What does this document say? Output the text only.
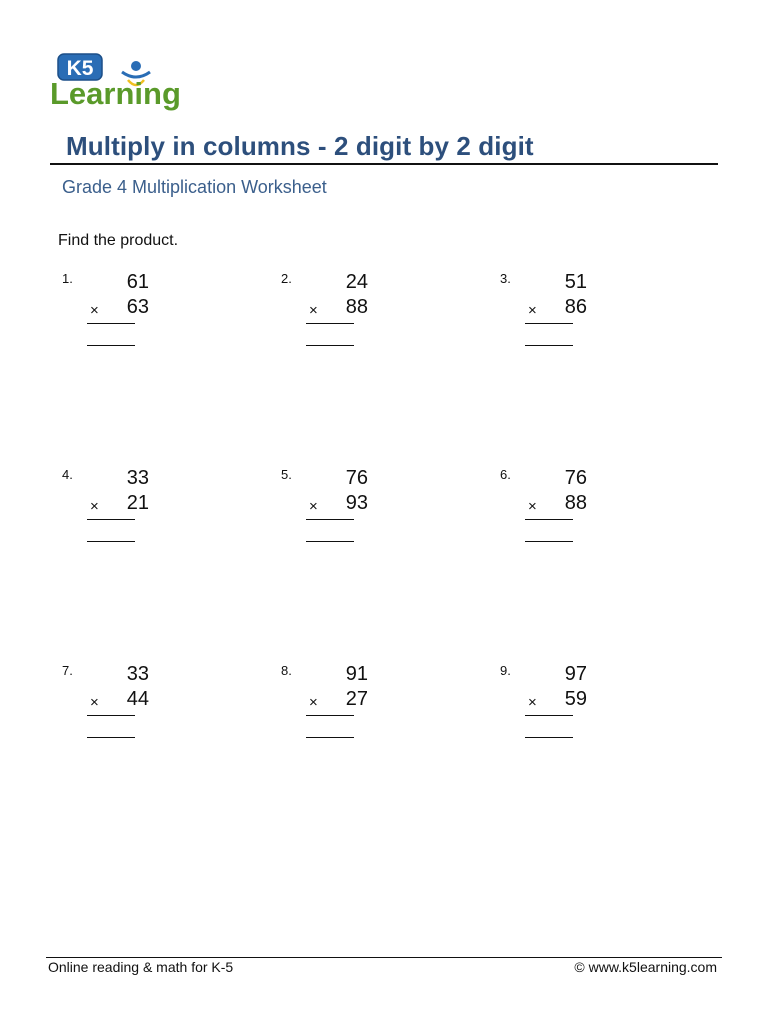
K5
Learning
Multiply in columns - 2 digit by 2 digit
Grade 4 Multiplication Worksheet
Find the product.
1.	61
× 63
2.	24
× 88
3.	51
× 86
4.	33
× 21
5.	76
× 93
6.	76
× 88
7.	33
× 44
8.	91
× 27
9.	97
× 59
Online reading & math for K-5	© www.k5learning.com
